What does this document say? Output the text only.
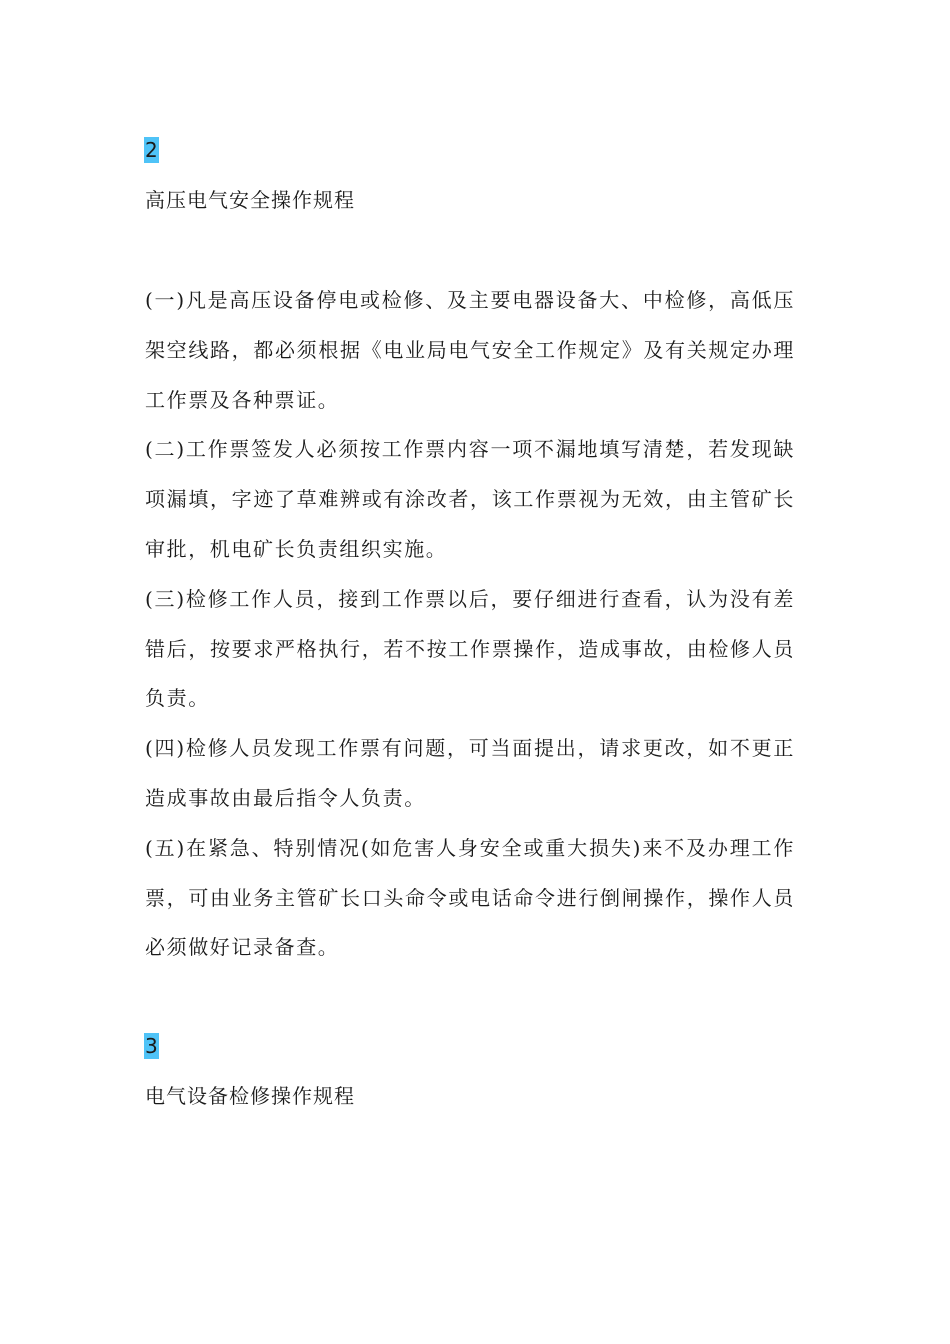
2
高压电气安全操作规程

(一)凡是高压设备停电或检修、及主要电器设备大、中检修，高低压架空线路，都必须根据《电业局电气安全工作规定》及有关规定办理工作票及各种票证。

(二)工作票签发人必须按工作票内容一项不漏地填写清楚，若发现缺项漏填，字迹了草难辨或有涂改者，该工作票视为无效，由主管矿长审批，机电矿长负责组织实施。

(三)检修工作人员，接到工作票以后，要仔细进行查看，认为没有差错后，按要求严格执行，若不按工作票操作，造成事故，由检修人员负责。

(四)检修人员发现工作票有问题，可当面提出，请求更改，如不更正造成事故由最后指令人负责。

(五)在紧急、特别情况(如危害人身安全或重大损失)来不及办理工作票，可由业务主管矿长口头命令或电话命令进行倒闸操作，操作人员必须做好记录备查。

3
电气设备检修操作规程
